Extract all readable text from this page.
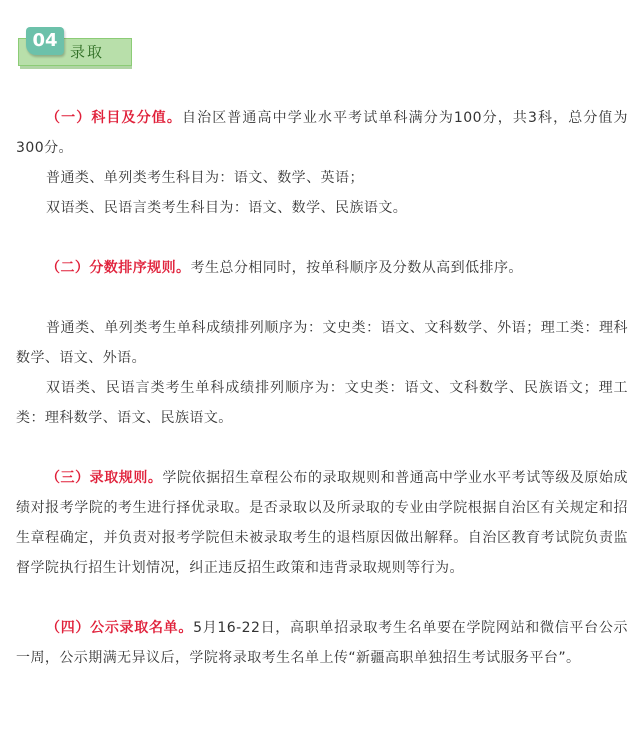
04
录取

（一）科目及分值。自治区普通高中学业水平考试单科满分为100分，共3科，总分值为300分。

普通类、单列类考生科目为：语文、数学、英语；

双语类、民语言类考生科目为：语文、数学、民族语文。

（二）分数排序规则。考生总分相同时，按单科顺序及分数从高到低排序。

普通类、单列类考生单科成绩排列顺序为：文史类：语文、文科数学、外语；理工类：理科数学、语文、外语。

双语类、民语言类考生单科成绩排列顺序为：文史类：语文、文科数学、民族语文；理工类：理科数学、语文、民族语文。

（三）录取规则。学院依据招生章程公布的录取规则和普通高中学业水平考试等级及原始成绩对报考学院的考生进行择优录取。是否录取以及所录取的专业由学院根据自治区有关规定和招生章程确定，并负责对报考学院但未被录取考生的退档原因做出解释。自治区教育考试院负责监督学院执行招生计划情况，纠正违反招生政策和违背录取规则等行为。

（四）公示录取名单。5月16-22日，高职单招录取考生名单要在学院网站和微信平台公示一周，公示期满无异议后，学院将录取考生名单上传“新疆高职单独招生考试服务平台”。
